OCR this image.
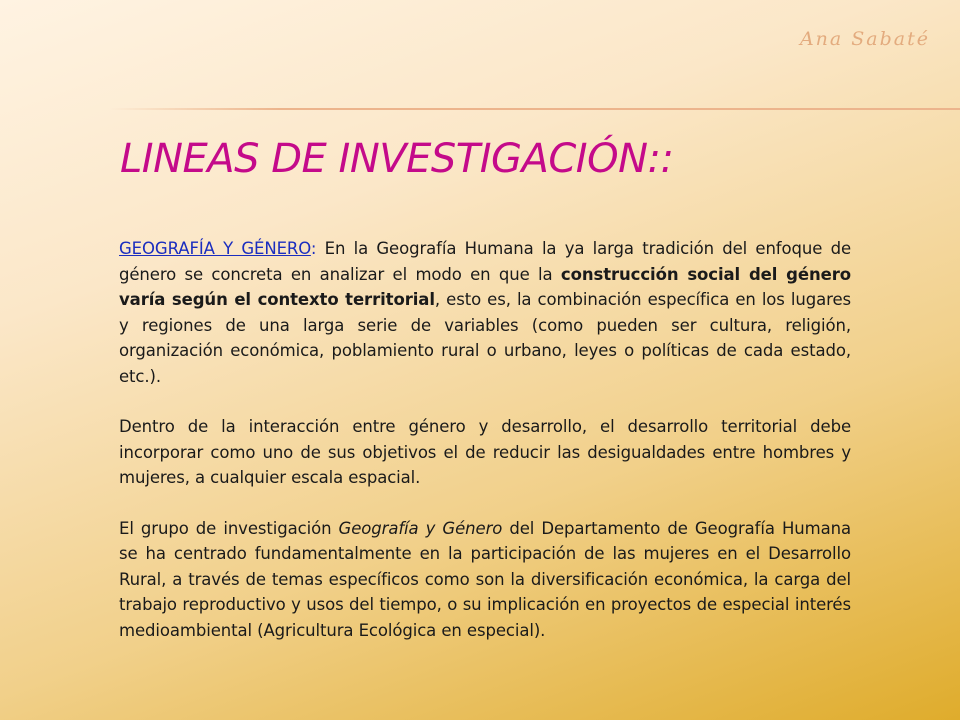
Ana Sabaté
LINEAS DE INVESTIGACIÓN::

GEOGRAFÍA Y GÉNERO: En la Geografía Humana la ya larga tradición del enfoque de género se concreta en analizar el modo en que la construcción social del género varía según el contexto territorial, esto es, la combinación específica en los lugares y regiones de una larga serie de variables (como pueden ser cultura, religión, organización económica, poblamiento rural o urbano, leyes o políticas de cada estado, etc.).

Dentro de la interacción entre género y desarrollo, el desarrollo territorial debe incorporar como uno de sus objetivos el de reducir las desigualdades entre hombres y mujeres, a cualquier escala espacial.

El grupo de investigación Geografía y Género del Departamento de Geografía Humana se ha centrado fundamentalmente en la participación de las mujeres en el Desarrollo Rural, a través de temas específicos como son la diversificación económica, la carga del trabajo reproductivo y usos del tiempo, o su implicación en proyectos de especial interés medioambiental (Agricultura Ecológica en especial).
